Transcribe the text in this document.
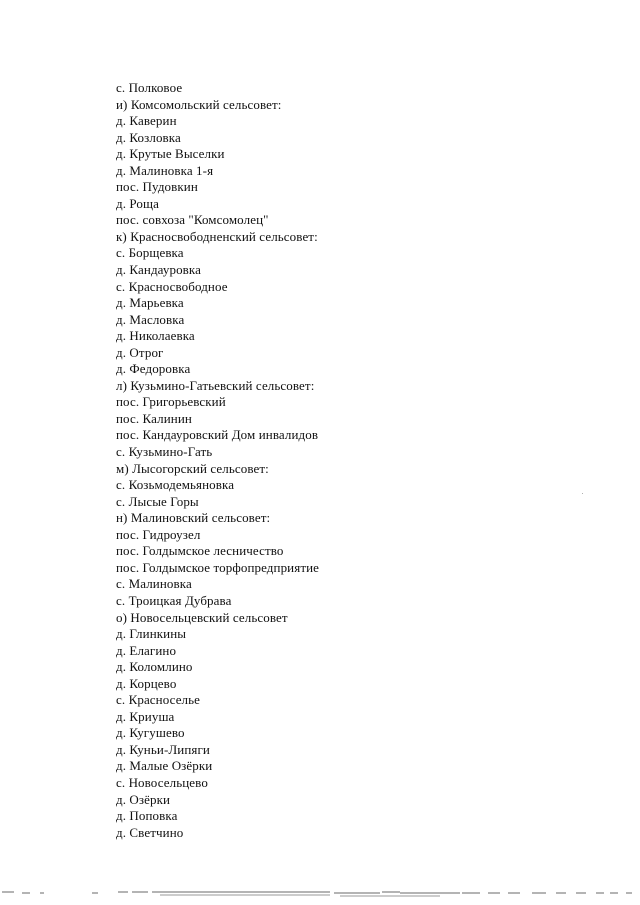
с. Полковое
и) Комсомольский сельсовет:
д. Каверин
д. Козловка
д. Крутые Выселки
д. Малиновка 1-я
пос. Пудовкин
д. Роща
пос. совхоза "Комсомолец"
к) Красносвободненский сельсовет:
с. Борщевка
д. Кандауровка
с. Красносвободное
д. Марьевка
д. Масловка
д. Николаевка
д. Отрог
д. Федоровка
л) Кузьмино-Гатьевский сельсовет:
пос. Григорьевский
пос. Калинин
пос. Кандауровский Дом инвалидов
с. Кузьмино-Гать
м) Лысогорский сельсовет:
с. Козьмодемьяновка
с. Лысые Горы
н) Малиновский сельсовет:
пос. Гидроузел
пос. Голдымское лесничество
пос. Голдымское торфопредприятие
с. Малиновка
с. Троицкая Дубрава
о) Новосельцевский сельсовет
д. Глинкины
д. Елагино
д. Коломлино
д. Корцево
с. Красноселье
д. Криуша
д. Кугушево
д. Куньи-Липяги
д. Малые Озёрки
с. Новосельцево
д. Озёрки
д. Поповка
д. Светчино
